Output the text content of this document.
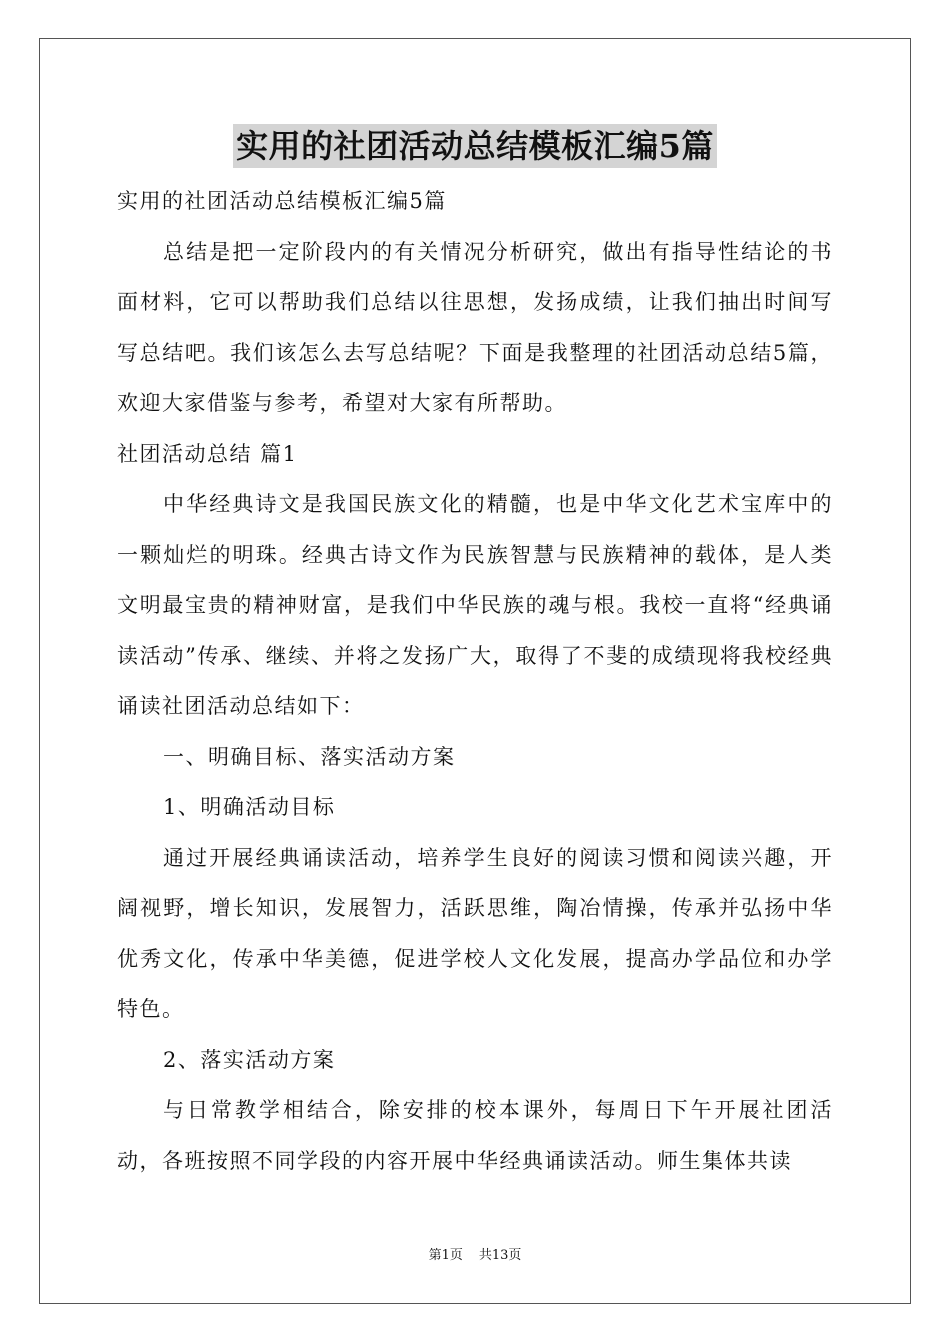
实用的社团活动总结模板汇编5篇

实用的社团活动总结模板汇编5篇

总结是把一定阶段内的有关情况分析研究，做出有指导性结论的书面材料，它可以帮助我们总结以往思想，发扬成绩，让我们抽出时间写写总结吧。我们该怎么去写总结呢？下面是我整理的社团活动总结5篇，欢迎大家借鉴与参考，希望对大家有所帮助。

社团活动总结 篇1

中华经典诗文是我国民族文化的精髓，也是中华文化艺术宝库中的一颗灿烂的明珠。经典古诗文作为民族智慧与民族精神的载体，是人类文明最宝贵的精神财富，是我们中华民族的魂与根。我校一直将“经典诵读活动”传承、继续、并将之发扬广大，取得了不斐的成绩现将我校经典诵读社团活动总结如下：

一、明确目标、落实活动方案

1、明确活动目标

通过开展经典诵读活动，培养学生良好的阅读习惯和阅读兴趣，开阔视野，增长知识，发展智力，活跃思维，陶冶情操，传承并弘扬中华优秀文化，传承中华美德，促进学校人文化发展，提高办学品位和办学特色。

2、落实活动方案

与日常教学相结合，除安排的校本课外，每周日下午开展社团活动，各班按照不同学段的内容开展中华经典诵读活动。师生集体共读

第1页 共13页
